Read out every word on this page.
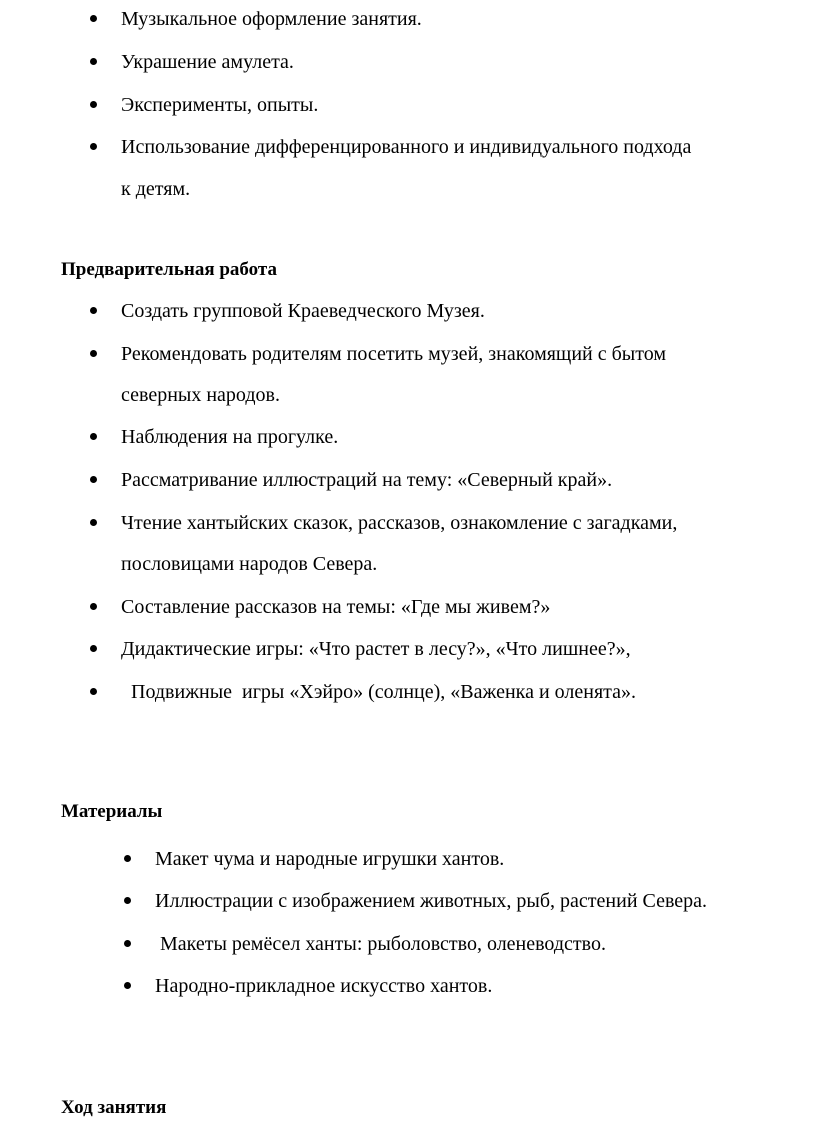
Музыкальное оформление занятия.
Украшение амулета.
Эксперименты, опыты.
Использование дифференцированного и индивидуального подхода
к детям.
Предварительная работа
Создать групповой Краеведческого Музея.
Рекомендовать родителям посетить музей, знакомящий с бытом
северных народов.
Наблюдения на прогулке.
Рассматривание иллюстраций на тему: «Северный край».
Чтение хантыйских сказок, рассказов, ознакомление с загадками,
пословицами народов Севера.
Составление рассказов на темы: «Где мы живем?»
Дидактические игры: «Что растет в лесу?», «Что лишнее?»,
Подвижные  игры «Хэйро» (солнце), «Важенка и оленята».
Материалы
Макет чума и народные игрушки хантов.
Иллюстрации с изображением животных, рыб, растений Севера.
Макеты ремёсел ханты: рыболовство, оленеводство.
Народно-прикладное искусство хантов.
Ход занятия
